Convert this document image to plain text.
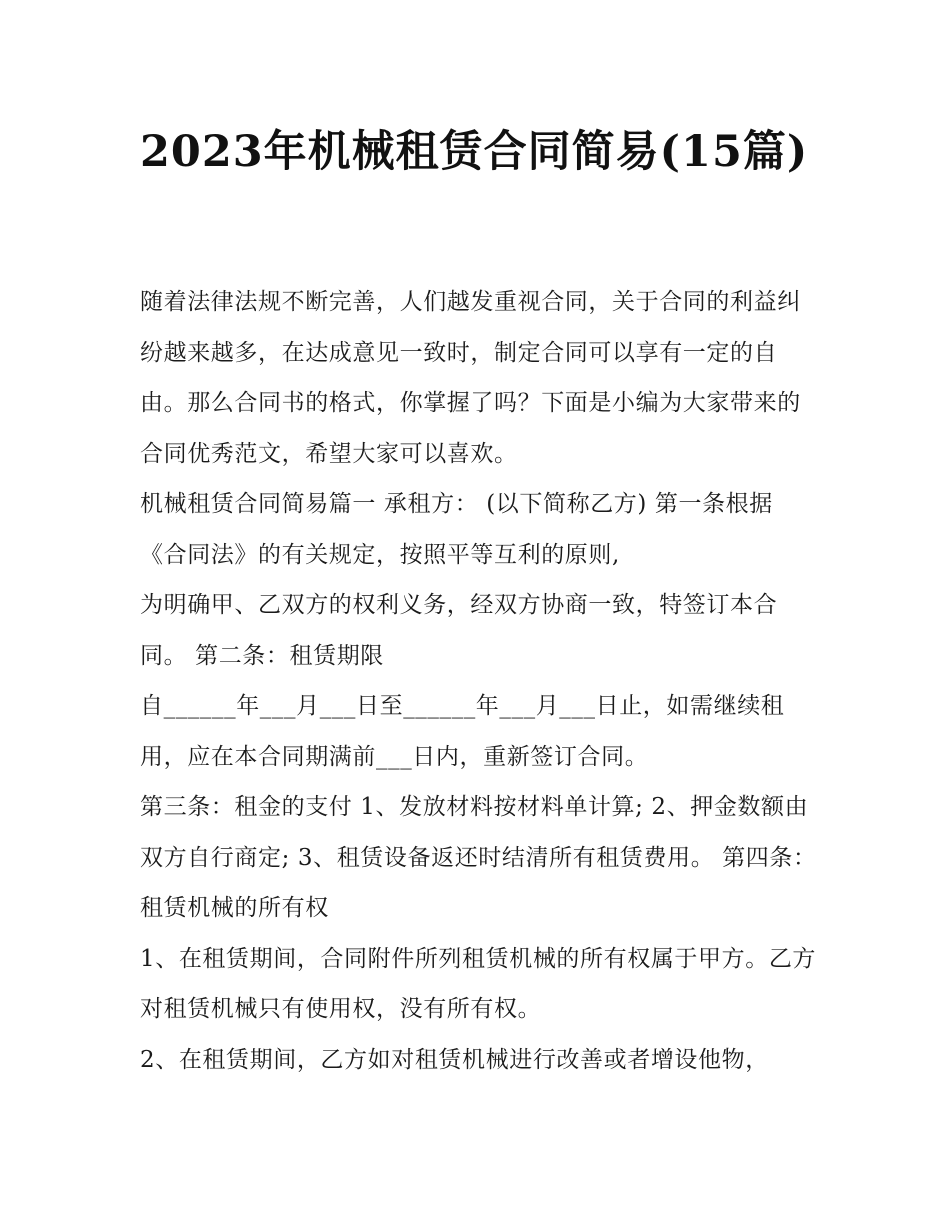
2023年机械租赁合同简易(15篇)

随着法律法规不断完善，人们越发重视合同，关于合同的利益纠纷越来越多，在达成意见一致时，制定合同可以享有一定的自由。那么合同书的格式，你掌握了吗？下面是小编为大家带来的合同优秀范文，希望大家可以喜欢。

机械租赁合同简易篇一 承租方： (以下简称乙方) 第一条根据《合同法》的有关规定，按照平等互利的原则,

为明确甲、乙双方的权利义务，经双方协商一致，特签订本合同。 第二条：租赁期限

自______年___月___日至______年___月___日止，如需继续租用，应在本合同期满前___日内，重新签订合同。

第三条：租金的支付 1、发放材料按材料单计算; 2、押金数额由双方自行商定; 3、租赁设备返还时结清所有租赁费用。 第四条：租赁机械的所有权

1、在租赁期间，合同附件所列租赁机械的所有权属于甲方。乙方对租赁机械只有使用权，没有所有权。

2、在租赁期间，乙方如对租赁机械进行改善或者增设他物，
